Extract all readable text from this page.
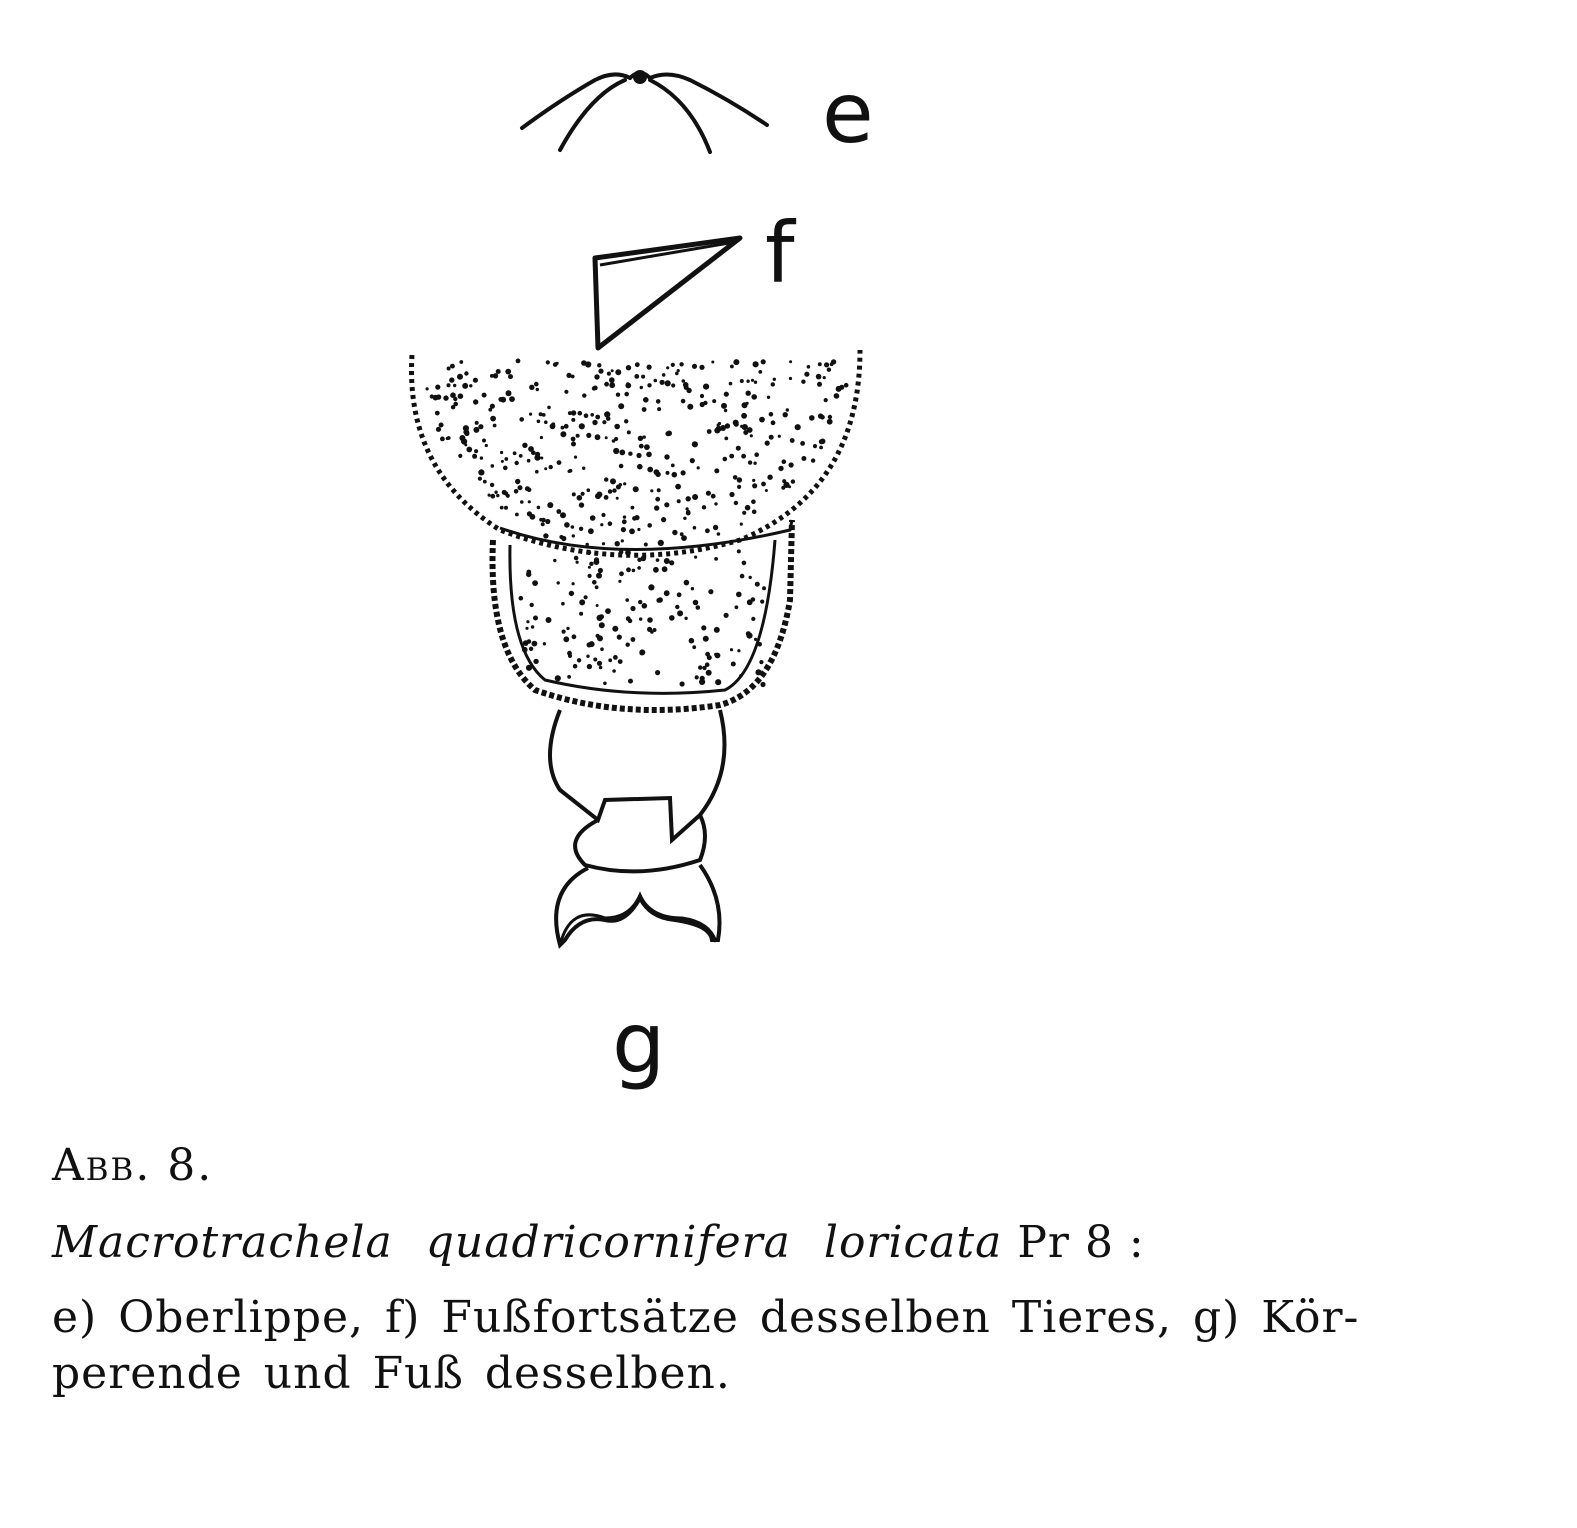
e
f
g

Abb. 8.

Macrotrachela quadricornifera loricata Pr 8 :

e) Oberlippe, f) Fußfortsätze desselben Tieres, g) Kör-

perende und Fuß desselben.
